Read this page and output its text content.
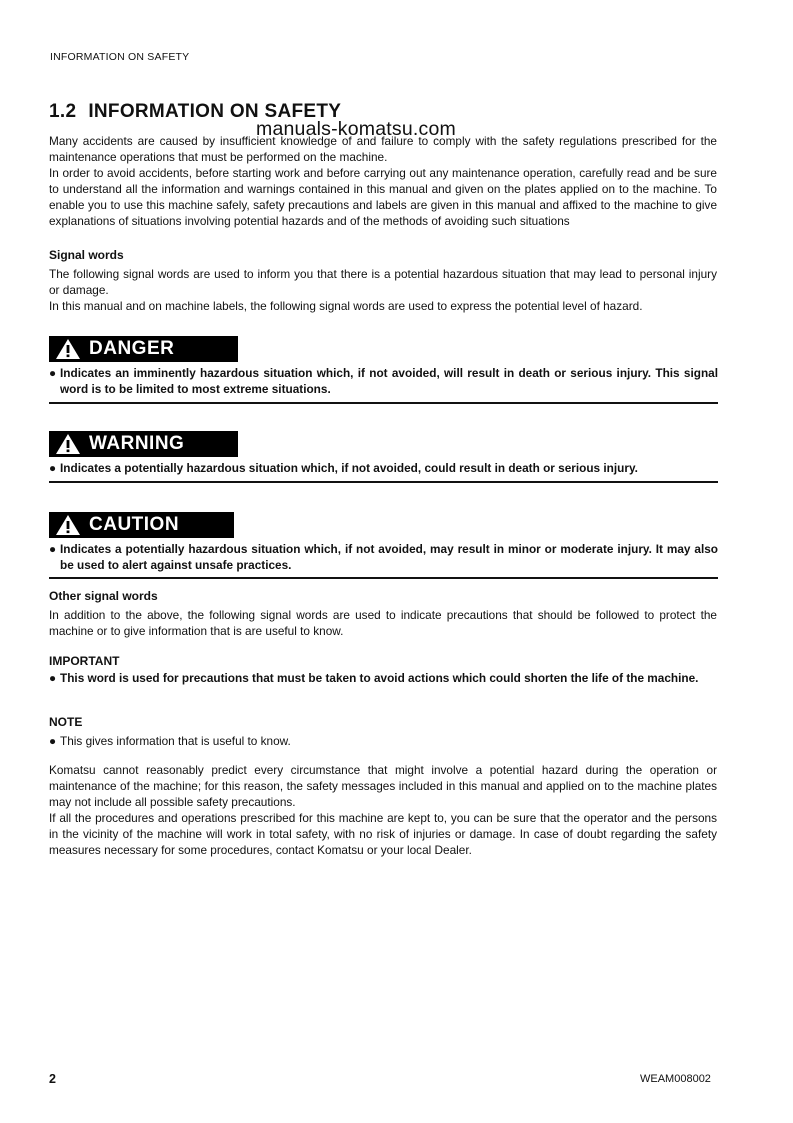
INFORMATION ON SAFETY
1.2 INFORMATION ON SAFETY
manuals-komatsu.com

Many accidents are caused by insufficient knowledge of and failure to comply with the safety regulations prescribed for the maintenance operations that must be performed on the machine.

In order to avoid accidents, before starting work and before carrying out any maintenance operation, carefully read and be sure to understand all the information and warnings contained in this manual and given on the plates applied on to the machine. To enable you to use this machine safely, safety precautions and labels are given in this manual and affixed to the machine to give explanations of situations involving potential hazards and of the methods of avoiding such situations

Signal words

The following signal words are used to inform you that there is a potential hazardous situation that may lead to personal injury or damage.

In this manual and on machine labels, the following signal words are used to express the potential level of hazard.

DANGER
● Indicates an imminently hazardous situation which, if not avoided, will result in death or serious injury. This signal word is to be limited to most extreme situations.
WARNING
● Indicates a potentially hazardous situation which, if not avoided, could result in death or serious injury.
CAUTION
● Indicates a potentially hazardous situation which, if not avoided, may result in minor or moderate injury. It may also be used to alert against unsafe practices.
Other signal words

In addition to the above, the following signal words are used to indicate precautions that should be followed to protect the machine or to give information that is are useful to know.

IMPORTANT
● This word is used for precautions that must be taken to avoid actions which could shorten the life of the machine.
NOTE
● This gives information that is useful to know.

Komatsu cannot reasonably predict every circumstance that might involve a potential hazard during the operation or maintenance of the machine; for this reason, the safety messages included in this manual and applied on to the machine plates may not include all possible safety precautions.

If all the procedures and operations prescribed for this machine are kept to, you can be sure that the operator and the persons in the vicinity of the machine will work in total safety, with no risk of injuries or damage. In case of doubt regarding the safety measures necessary for some procedures, contact Komatsu or your local Dealer.

2	WEAM008002
